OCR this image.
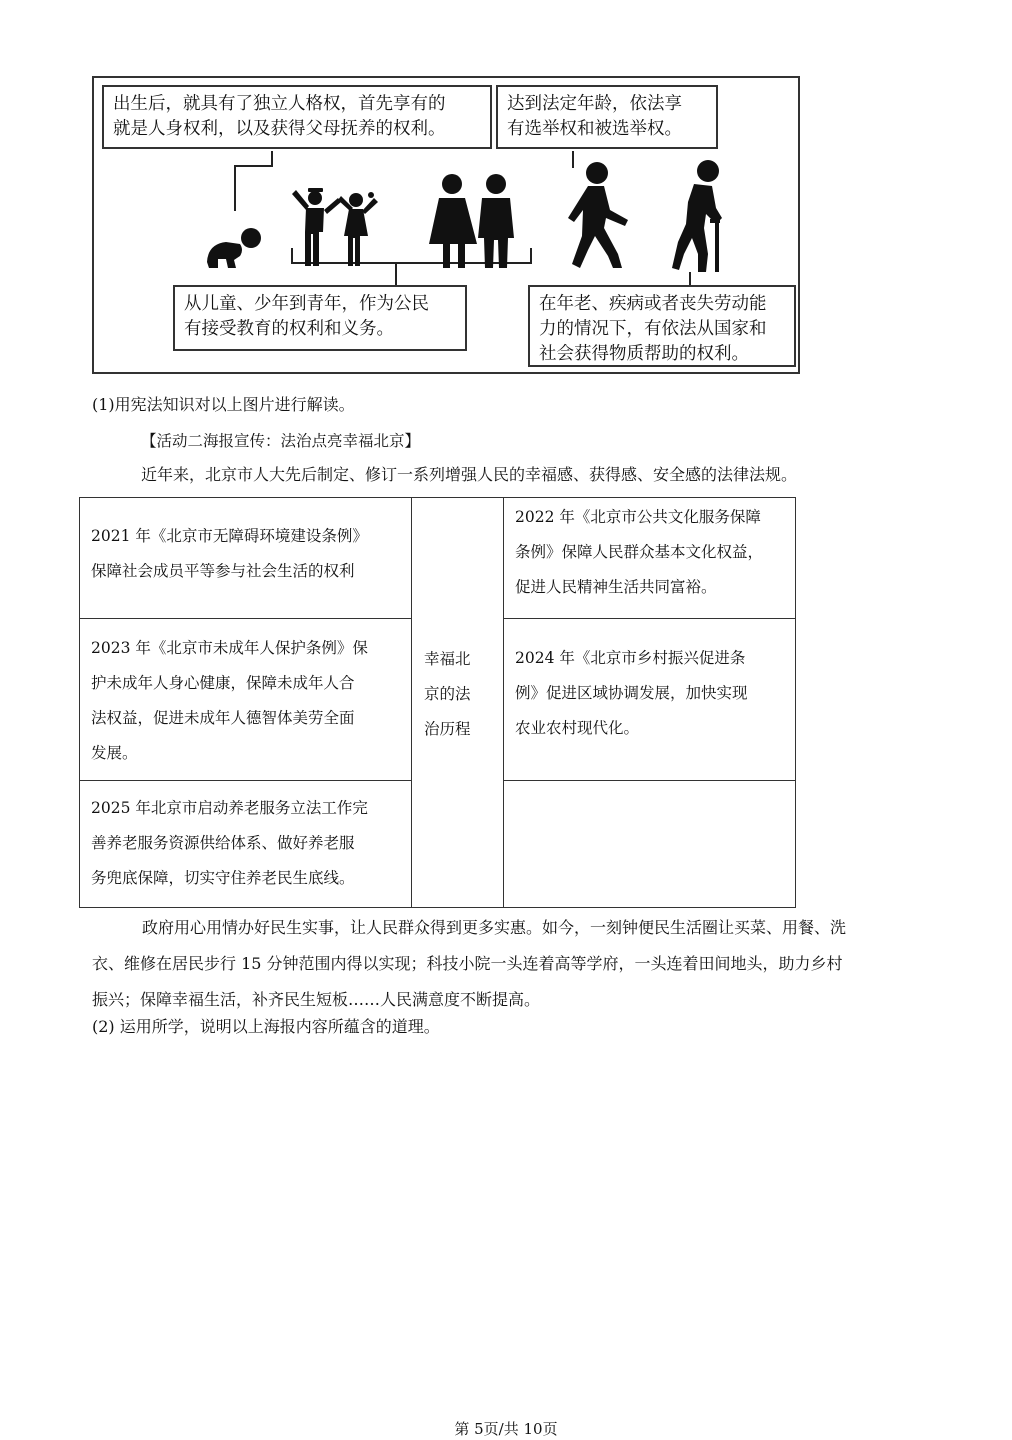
出生后，就具有了独立人格权，首先享有的
就是人身权利，以及获得父母抚养的权利。
达到法定年龄，依法享
有选举权和被选举权。
从儿童、少年到青年，作为公民
有接受教育的权利和义务。
在年老、疾病或者丧失劳动能
力的情况下，有依法从国家和
社会获得物质帮助的权利。
(1)用宪法知识对以上图片进行解读。
【活动二海报宣传：法治点亮幸福北京】
近年来，北京市人大先后制定、修订一系列增强人民的幸福感、获得感、安全感的法律法规。
2021 年《北京市无障碍环境建设条例》
保障社会成员平等参与社会生活的权利
2023 年《北京市未成年人保护条例》保
护未成年人身心健康，保障未成年人合
法权益，促进未成年人德智体美劳全面
发展。
2025 年北京市启动养老服务立法工作完
善养老服务资源供给体系、做好养老服
务兜底保障，切实守住养老民生底线。
幸福北
京的法
治历程
2022 年《北京市公共文化服务保障
条例》保障人民群众基本文化权益，
促进人民精神生活共同富裕。
2024 年《北京市乡村振兴促进条
例》促进区域协调发展，加快实现
农业农村现代化。
政府用心用情办好民生实事，让人民群众得到更多实惠。如今，一刻钟便民生活圈让买菜、用餐、洗
衣、维修在居民步行 15 分钟范围内得以实现；科技小院一头连着高等学府，一头连着田间地头，助力乡村
振兴；保障幸福生活，补齐民生短板……人民满意度不断提高。
(2) 运用所学，说明以上海报内容所蕴含的道理。
第 5页/共 10页
